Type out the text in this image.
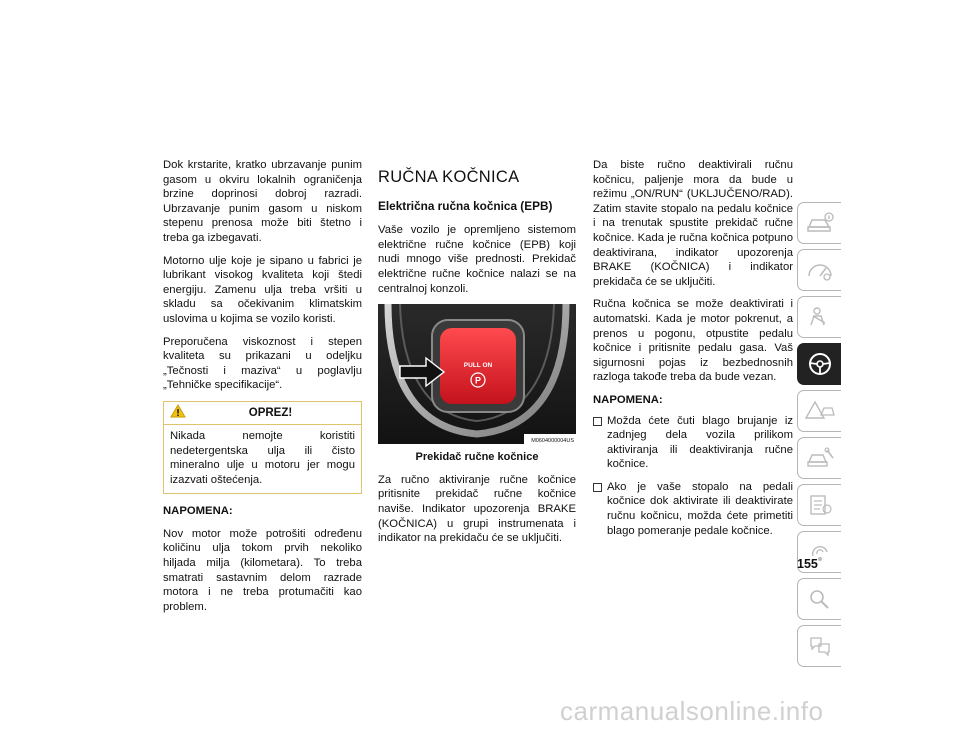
Dok krstarite, kratko ubrzavanje punim gasom u okviru lokalnih ograničenja brzine doprinosi dobroj razradi. Ubrzavanje punim gasom u niskom stepenu prenosa može biti štetno i treba ga izbegavati.

Motorno ulje koje je sipano u fabrici je lubrikant visokog kvaliteta koji štedi energiju. Zamenu ulja treba vršiti u skladu sa očekivanim klimatskim uslovima u kojima se vozilo koristi.

Preporučena viskoznost i stepen kvaliteta su prikazani u odeljku „Tečnosti i maziva“ u poglavlju „Tehničke specifikacije“.

OPREZ!
Nikada nemojte koristiti nedetergentska ulja ili čisto mineralno ulje u motoru jer mogu izazvati oštećenja.

NAPOMENA:

Nov motor može potrošiti određenu količinu ulja tokom prvih nekoliko hiljada milja (kilometara). To treba smatrati sastavnim delom razrade motora i ne treba protumačiti kao problem.

RUČNA KOČNICA
Električna ručna kočnica (EPB)

Vaše vozilo je opremljeno sistemom električne ručne kočnice (EPB) koji nudi mnogo više prednosti. Prekidač električne ručne kočnice nalazi se na centralnoj konzoli.

PULL ON
P
M0604000004US
Prekidač ručne kočnice

Za ručno aktiviranje ručne kočnice pritisnite prekidač ručne kočnice naviše. Indikator upozorenja BRAKE (KOČNICA) u grupi instrumenata i indikator na prekidaču će se uključiti.

Da biste ručno deaktivirali ručnu kočnicu, paljenje mora da bude u režimu „ON/RUN“ (UKLJUČENO/RAD). Zatim stavite stopalo na pedalu kočnice i na trenutak spustite prekidač ručne kočnice. Kada je ručna kočnica potpuno deaktivirana, indikator upozorenja BRAKE (KOČNICA) i indikator prekidača će se uključiti.

Ručna kočnica se može deaktivirati i automatski. Kada je motor pokrenut, a prenos u pogonu, otpustite pedalu kočnice i pritisnite pedalu gasa. Vaš sigurnosni pojas iz bezbednosnih razloga takođe treba da bude vezan.

NAPOMENA:

Možda ćete čuti blago brujanje iz zadnjeg dela vozila prilikom aktiviranja ili deaktiviranja ručne kočnice.
Ako je vaše stopalo na pedali kočnice dok aktivirate ili deaktivirate ručnu kočnicu, možda ćete primetiti blago pomeranje pedale kočnice.
155
carmanualsonline.info
